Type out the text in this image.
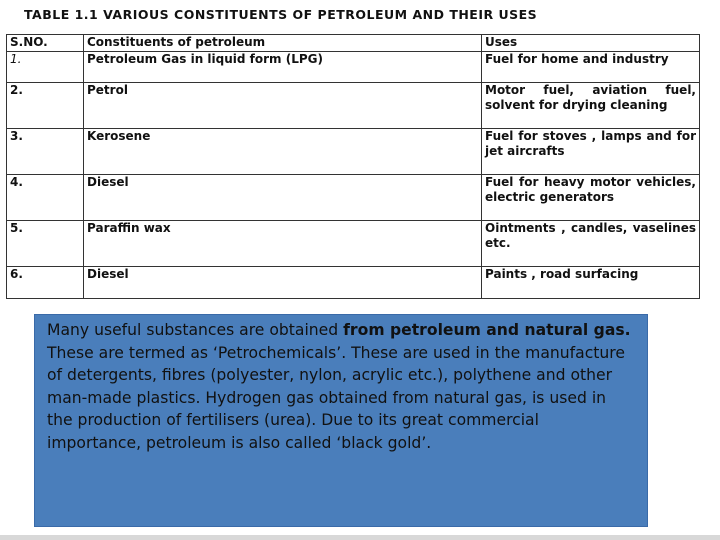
TABLE 1.1 VARIOUS CONSTITUENTS OF PETROLEUM AND THEIR USES
S.NO.	Constituents of petroleum	Uses
1.	Petroleum Gas in liquid form (LPG)	Fuel for home and industry
2.	Petrol	Motor fuel, aviation fuel, solvent for drying cleaning
3.	Kerosene	Fuel for stoves , lamps and for jet aircrafts
4.	Diesel	Fuel for heavy motor vehicles, electric generators
5.	Paraffin wax	Ointments , candles, vaselines etc.
6.	Diesel	Paints , road surfacing

Many useful substances are obtained from petroleum and natural gas. These are termed as ‘Petrochemicals’. These are used in the manufacture of detergents, fibres (polyester, nylon, acrylic etc.), polythene and other man-made plastics. Hydrogen gas obtained from natural gas, is used in the production of fertilisers (urea). Due to its great commercial importance, petroleum is also called ‘black gold’.
